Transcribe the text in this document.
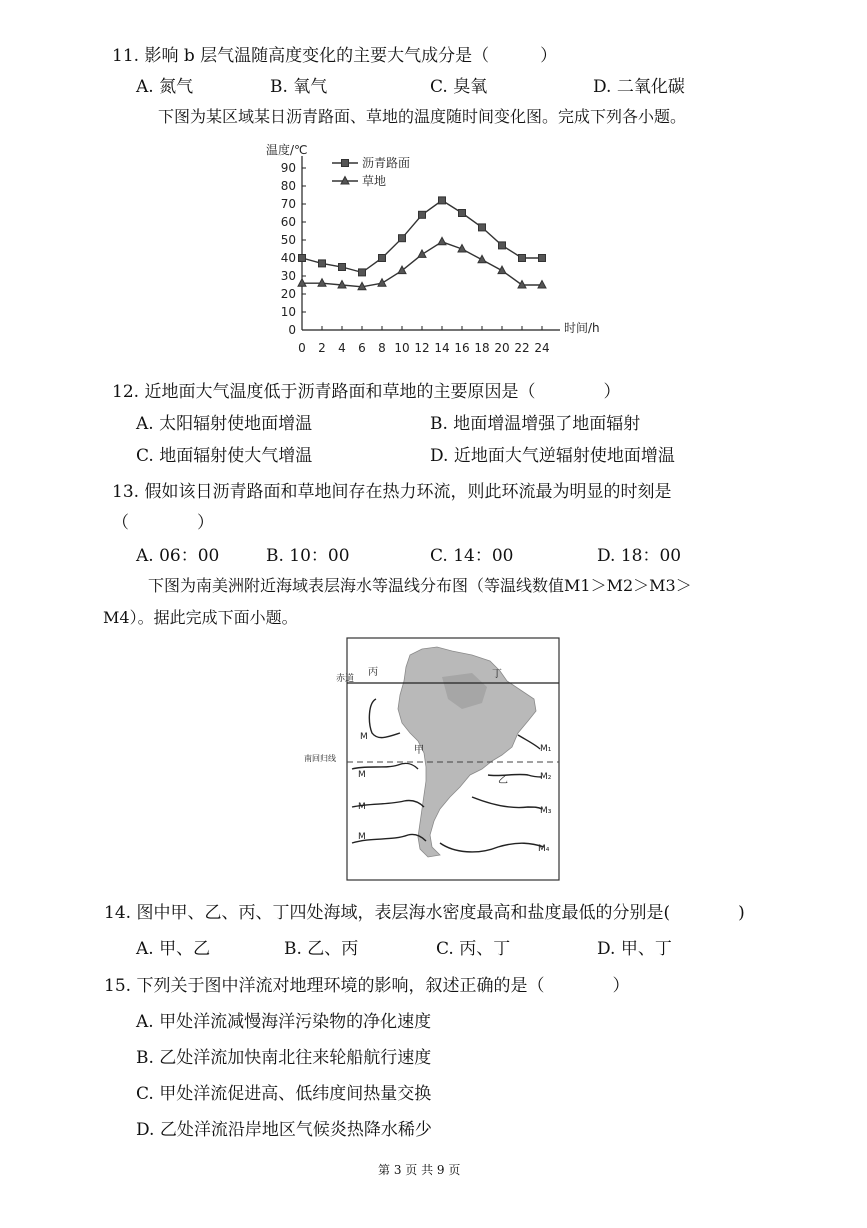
11. 影响 b 层气温随高度变化的主要大气成分是（　　　）
A. 氮气	B. 氧气	C. 臭氧	D. 二氧化碳
下图为某区域某日沥青路面、草地的温度随时间变化图。完成下列各小题。
温度/℃
时间/h
0
10
20
30
40
50
60
70
80
90
0 2 4 6 8 10 12 14 16 18 20 22 24
沥青路面
草地
12. 近地面大气温度低于沥青路面和草地的主要原因是（　　　　）
A. 太阳辐射使地面增温	B. 地面增温增强了地面辐射
C. 地面辐射使大气增温	D. 近地面大气逆辐射使地面增温
13. 假如该日沥青路面和草地间存在热力环流，则此环流最为明显的时刻是
（　　　　）
A. 06：00	B. 10：00	C. 14：00	D. 18：00
下图为南美洲附近海域表层海水等温线分布图（等温线数值M1＞M2＞M3＞
M4）。据此完成下面小题。
赤道
南回归线
丙	丁
甲
乙
M
M
M
M
M₁
M₂
M₃
M₄
14. 图中甲、乙、丙、丁四处海域，表层海水密度最高和盐度最低的分别是(　　　　)
A. 甲、乙	B. 乙、丙	C. 丙、丁	D. 甲、丁
15. 下列关于图中洋流对地理环境的影响，叙述正确的是（　　　　）
A. 甲处洋流减慢海洋污染物的净化速度
B. 乙处洋流加快南北往来轮船航行速度
C. 甲处洋流促进高、低纬度间热量交换
D. 乙处洋流沿岸地区气候炎热降水稀少
第 3 页 共 9 页
